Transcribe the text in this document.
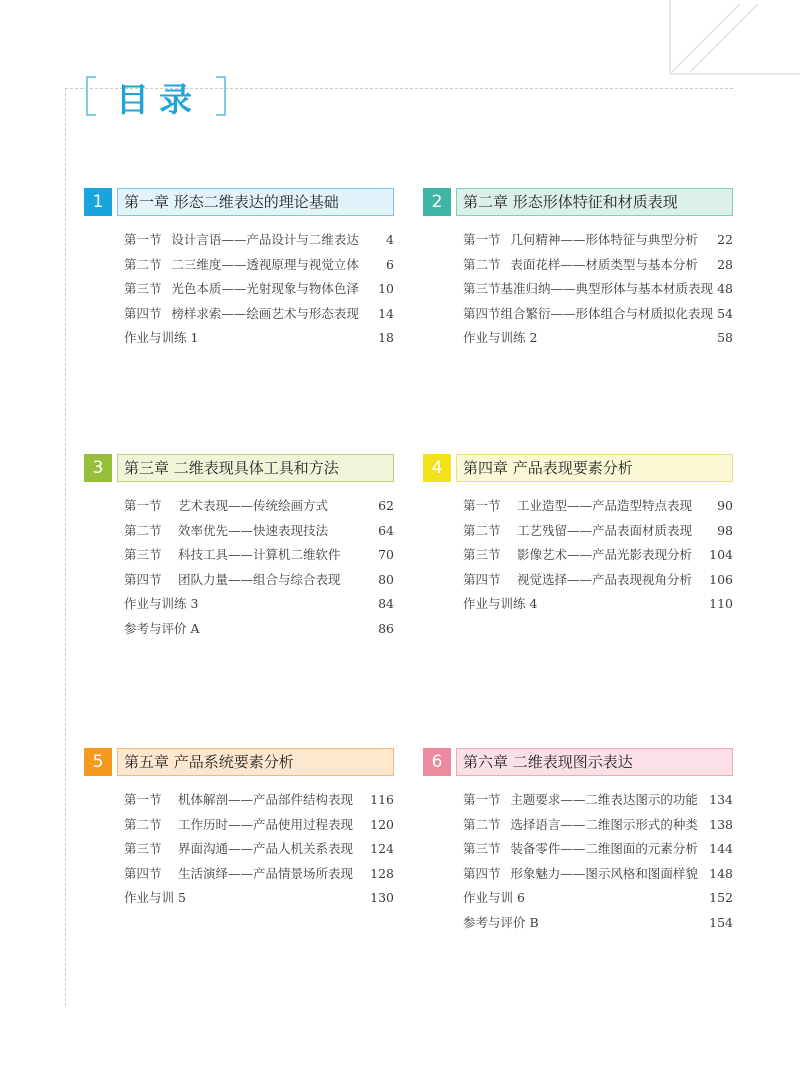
目录
1	第一章 形态二维表达的理论基础
第一节 设计言语——产品设计与二维表达	4
第二节 二三维度——透视原理与视觉立体	6
第三节 光色本质——光射现象与物体色泽	10
第四节 榜样求索——绘画艺术与形态表现	14
作业与训练 1	18
2	第二章 形态形体特征和材质表现
第一节 几何精神——形体特征与典型分析	22
第二节 表面花样——材质类型与基本分析	28
第三节 基准归纳——典型形体与基本材质表现 48
第四节 组合繁衍——形体组合与材质拟化表现 54
作业与训练 2	58
3	第三章 二维表现具体工具和方法
第一节	艺术表现——传统绘画方式	62
第二节	效率优先——快速表现技法	64
第三节	科技工具——计算机二维软件	70
第四节	团队力量——组合与综合表现	80
作业与训练 3	84
参考与评价 A	86
4	第四章 产品表现要素分析
第一节	工业造型——产品造型特点表现	90
第二节	工艺残留——产品表面材质表现	98
第三节	影像艺术——产品光影表现分析	104
第四节	视觉选择——产品表现视角分析	106
作业与训练 4	110
5	第五章 产品系统要素分析
第一节	机体解剖——产品部件结构表现	116
第二节	工作历时——产品使用过程表现	120
第三节	界面沟通——产品人机关系表现	124
第四节	生活演绎——产品情景场所表现	128
作业与训 5	130
6	第六章 二维表现图示表达
第一节 主题要求——二维表达图示的功能 134
第二节 选择语言——二维图示形式的种类 138
第三节 装备零件——二维图面的元素分析 144
第四节 形象魅力——图示风格和图面样貌 148
作业与训 6	152
参考与评价 B	154
